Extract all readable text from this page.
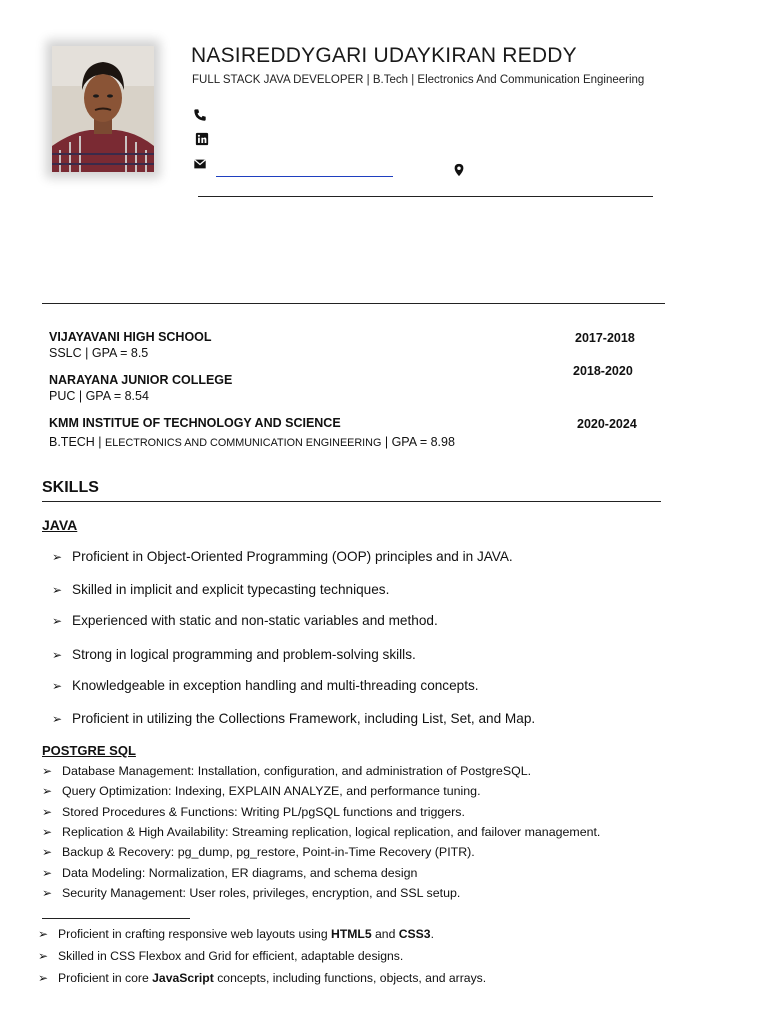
NASIREDDYGARI UDAYKIRAN REDDY
FULL STACK JAVA DEVELOPER | B.Tech | Electronics And Communication Engineering
VIJAYAVANI HIGH SCHOOL
SSLC | GPA = 8.5
2017-2018
NARAYANA JUNIOR COLLEGE
PUC | GPA = 8.54
2018-2020
KMM INSTITUE OF TECHNOLOGY AND SCIENCE
B.TECH | ELECTRONICS AND COMMUNICATION ENGINEERING | GPA = 8.98
2020-2024
SKILLS
JAVA
➢ Proficient in Object-Oriented Programming (OOP) principles and in JAVA.
➢ Skilled in implicit and explicit typecasting techniques.
➢ Experienced with static and non-static variables and method.
➢ Strong in logical programming and problem-solving skills.
➢ Knowledgeable in exception handling and multi-threading concepts.
➢ Proficient in utilizing the Collections Framework, including List, Set, and Map.
POSTGRE SQL
➢ Database Management: Installation, configuration, and administration of PostgreSQL.
➢ Query Optimization: Indexing, EXPLAIN ANALYZE, and performance tuning.
➢ Stored Procedures & Functions: Writing PL/pgSQL functions and triggers.
➢ Replication & High Availability: Streaming replication, logical replication, and failover management.
➢ Backup & Recovery: pg_dump, pg_restore, Point-in-Time Recovery (PITR).
➢ Data Modeling: Normalization, ER diagrams, and schema design
➢ Security Management: User roles, privileges, encryption, and SSL setup.
➢ Proficient in crafting responsive web layouts using HTML5 and CSS3.
➢ Skilled in CSS Flexbox and Grid for efficient, adaptable designs.
➢ Proficient in core JavaScript concepts, including functions, objects, and arrays.
